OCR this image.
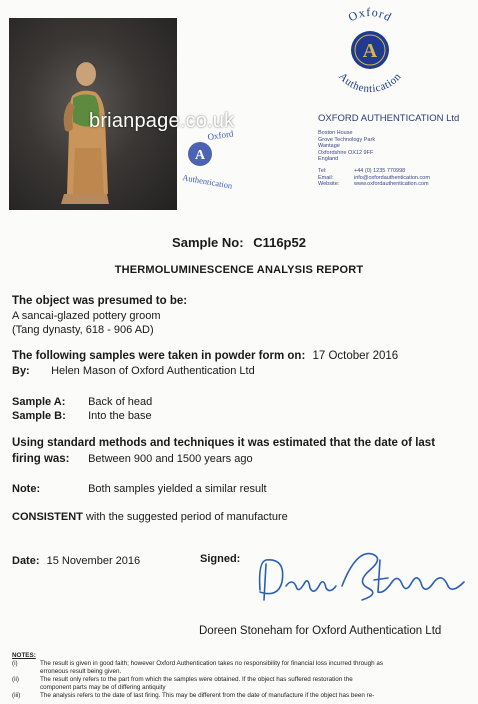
brianpage.co.uk
A
Oxford
Authentication
Oxford
A
Authentication
OXFORD AUTHENTICATION Ltd
Boston House
Grove Technology Park
Wantage
Oxfordshire OX12 9FF
England
Tel:	+44 (0) 1235 770998
Email:	info@oxfordauthentication.com
Website:	www.oxfordauthentication.com
Sample No: C116p52
THERMOLUMINESCENCE ANALYSIS REPORT
The object was presumed to be:
A sancai-glazed pottery groom
(Tang dynasty, 618 - 906 AD)
The following samples were taken in powder form on: 17 October 2016
By: Helen Mason of Oxford Authentication Ltd
Sample A: Back of head
Sample B: Into the base
Using standard methods and techniques it was estimated that the date of last
firing was: Between 900 and 1500 years ago
Note:	Both samples yielded a similar result
CONSISTENT with the suggested period of manufacture
Date: 15 November 2016	Signed:
Doreen Stoneham for Oxford Authentication Ltd
NOTES:
(i)	The result is given in good faith; however Oxford Authentication takes no responsibility for financial loss incurred through as
erroneous result being given.
(ii)	The result only refers to the part from which the samples were obtained. If the object has suffered restoration the
component parts may be of differing antiquity
(iii)	The analysis refers to the date of last firing. This may be different from the date of manufacture if the object has been re-
